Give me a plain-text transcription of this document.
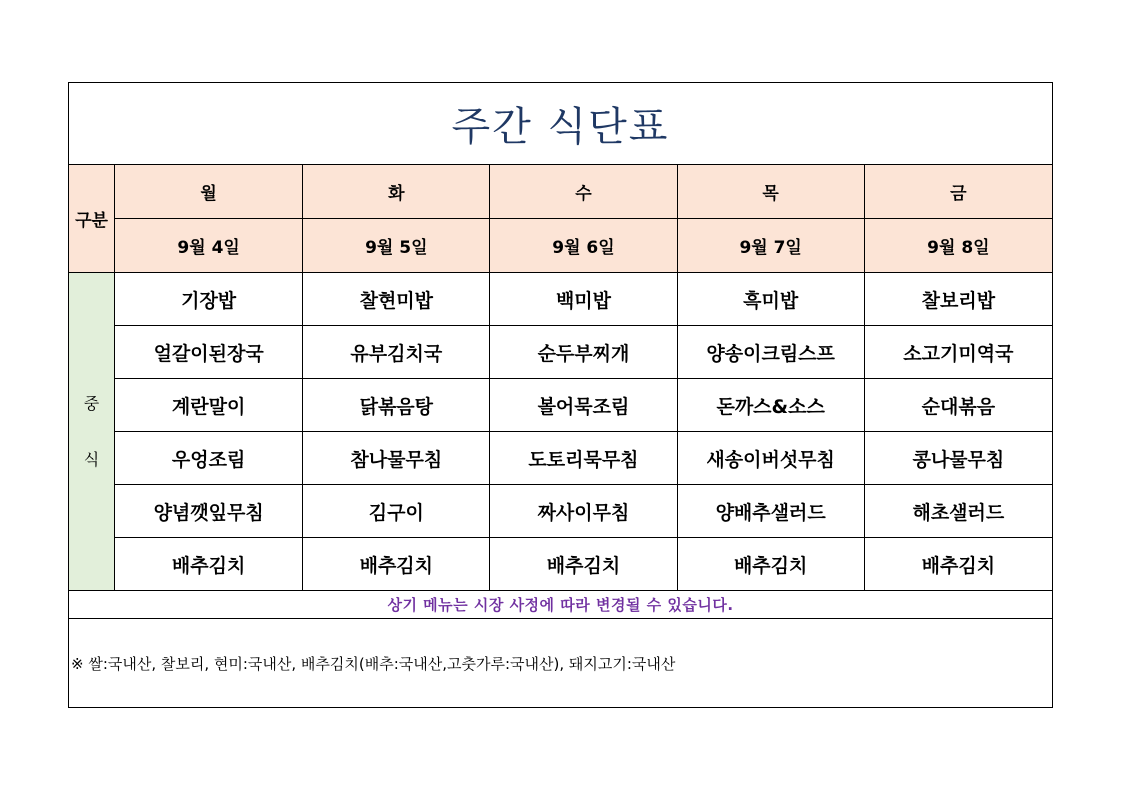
주간 식단표					
구분	월	화	수	목	금
	9월 4일	9월 5일	9월 6일	9월 7일	9월 8일

중
식	기장밥	찰현미밥	백미밥	흑미밥	찰보리밥
	얼갈이된장국	유부김치국	순두부찌개	양송이크림스프	소고기미역국
	계란말이	닭볶음탕	볼어묵조림	돈까스&소스	순대볶음
	우엉조림	참나물무침	도토리묵무침	새송이버섯무침	콩나물무침
	양념깻잎무침	김구이	짜사이무침	양배추샐러드	해초샐러드
	배추김치	배추김치	배추김치	배추김치	배추김치
상기 메뉴는 시장 사정에 따라 변경될 수 있습니다.					
※ 쌀:국내산, 찰보리, 현미:국내산, 배추김치(배추:국내산,고춧가루:국내산), 돼지고기:국내산					
